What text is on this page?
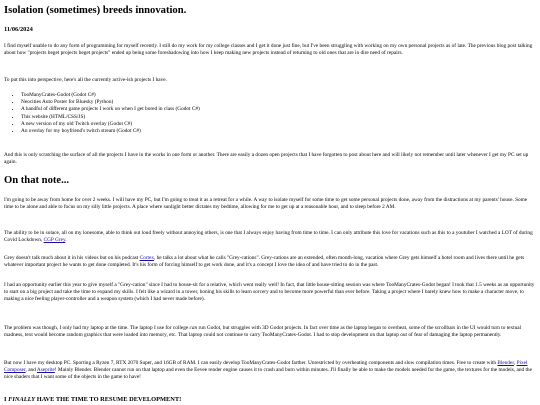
Isolation (sometimes) breeds innovation.
11/06/2024

I find myself unable to do any form of programming for myself recently. I still do my work for my college classes and I get it done just fine, but I've been struggling with working on my own personal projects as of late. The previous blog post talking about how "projects beget projects beget projects" ended up being some foreshadowing into how I keep making new projects instead of returning to old ones that are in dire need of repairs.

To put this into perspective, here's all the currently active-ish projects I have.

• TooManyCrates-Godot (Godot C#)
• Neocities Auto Poster for Bluesky (Python)
• A handful of different game projects I work on when I get bored in class (Godot C#)
• This website (HTML/CSS/JS)
• A new version of my old Twitch overlay (Godot C#)
• An overlay for my boyfriend's twitch stream (Godot C#)

And this is only scratching the surface of all the projects I have in the works in one form or another. There are easily a dozen open projects that I have forgotten to post about here and will likely not remember until later whenever I get my PC set up again.

On that note...

I'm going to be away from home for over 2 weeks. I will have my PC, but I'm going to treat it as a retreat for a while. A way to isolate myself for some time to get some personal projects done, away from the distractions at my parents' house. Some time to be alone and able to focus on my silly little projects. A place where sunlight better dictates my bedtime, allowing for me to get up at a reasonable hour, and to sleep before 2 AM.

The ability to be in solace, all on my lonesome, able to think out loud freely without annoying others, is one that I always enjoy having from time to time. I can only attribute this love for vacations such as this to a youtuber I watched a LOT of during Covid Lockdown, CGP Grey.

Grey doesn't talk much about it in his videos but on his podcast Cortex, he talks a lot about what he calls "Grey-cations". Grey-cations are an extended, often month-long, vacation where Grey gets himself a hotel room and lives there until he gets whatever important project he wants to get done completed. It's his form of forcing himself to get work done, and it's a concept I love the idea of and have tried to do in the past.

I had an opportunity earlier this year to give myself a "Grey-cation" since I had to house-sit for a relative, which went really well! In fact, that little house-sitting session was where TooManyCrates-Godot began! I took that 1.5 weeks as an opportunity to start on a big project and take the time to expand my skills. I felt like a wizard in a tower, honing his skills to learn sorcery and to become more powerful than ever before. Taking a project where I barely knew how to make a character move, to making a nice feeling player-controller and a weapon system (which I had never made before).

The problem was though, I only had my laptop at the time. The laptop I use for college can run Godot, but struggles with 3D Godot projects. In fact over time as the laptop began to overheat, some of the scrollbars in the UI would turn to textual madness, text would become random graphics that were loaded into memory, etc. That laptop could not continue to carry TooManyCrates-Godot. I had to stop development on that laptop out of fear of damaging the laptop permanently.

But now I have my desktop PC. Sporting a Ryzen 7, RTX 2070 Super, and 16GB of RAM. I can easily develop TooManyCrates-Godot farther. Unrestricted by overheating components and slow compilation times. Free to create with Blender, Pixel Composer, and Aseprite! Mainly Blender. Blender cannot run on that laptop and even the Eevee render engine causes it to crash and burn within minutes. I'll finally be able to make the models needed for the game, the textures for the models, and the nice shaders that I want some of the objects in the game to have!

I FINALLY HAVE THE TIME TO RESUME DEVELOPMENT!
